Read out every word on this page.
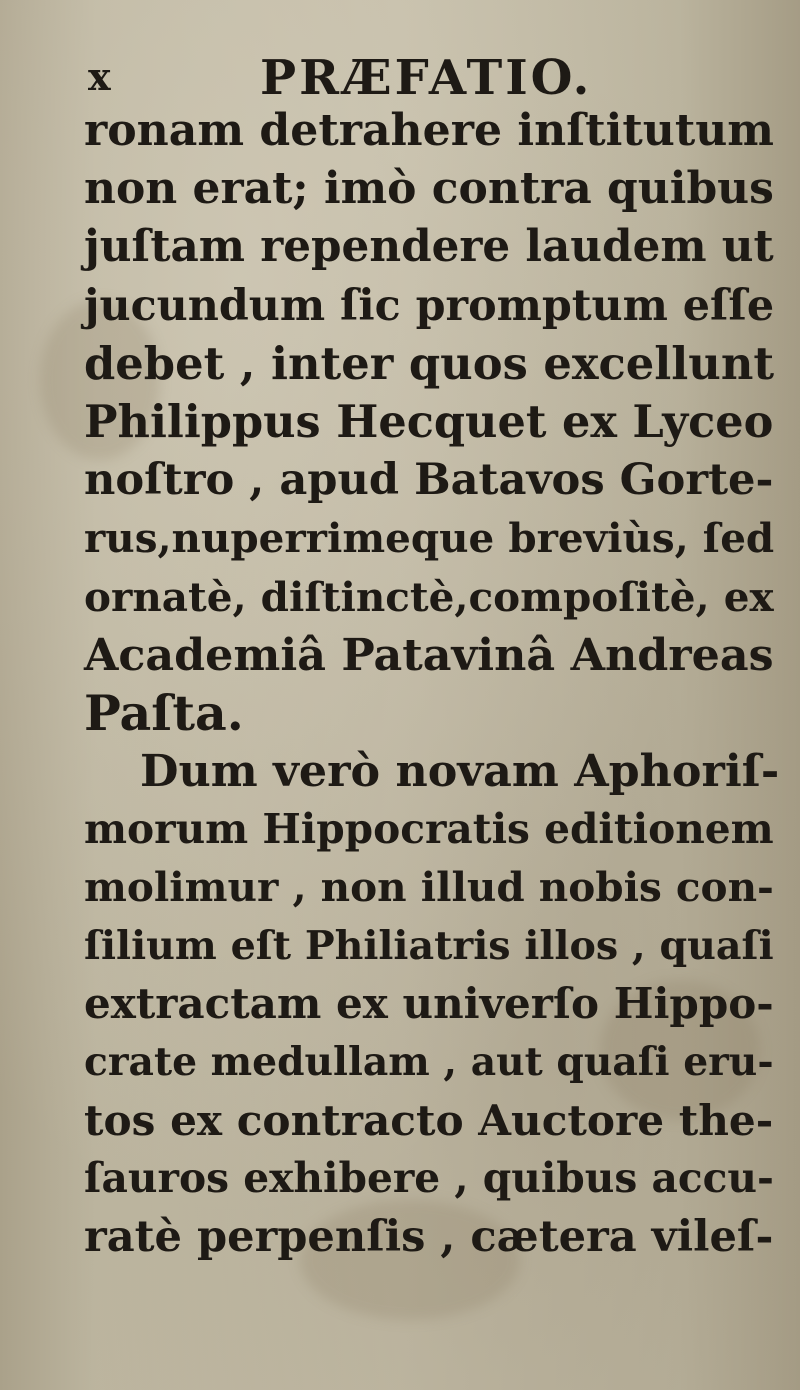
x	PRÆFATIO.
ronam detrahere inſtitutum
non erat; imò contra quibus
juſtam rependere laudem ut
jucundum ſic promptum eſſe
debet , inter quos excellunt
Philippus Hecquet ex Lyceo
noſtro , apud Batavos Gorte-
rus,nuperrimeque breviùs, ſed
ornatè, diſtinctè,compoſitè, ex
Academiâ Patavinâ Andreas
Paſta.
Dum verò novam Aphoriſ-
morum Hippocratis editionem
molimur , non illud nobis con-
ſilium eſt Philiatris illos , quaſi
extractam ex univerſo Hippo-
crate medullam , aut quaſi eru-
tos ex contracto Auctore the-
ſauros exhibere , quibus accu-
ratè perpenſis , cætera vileſ-
